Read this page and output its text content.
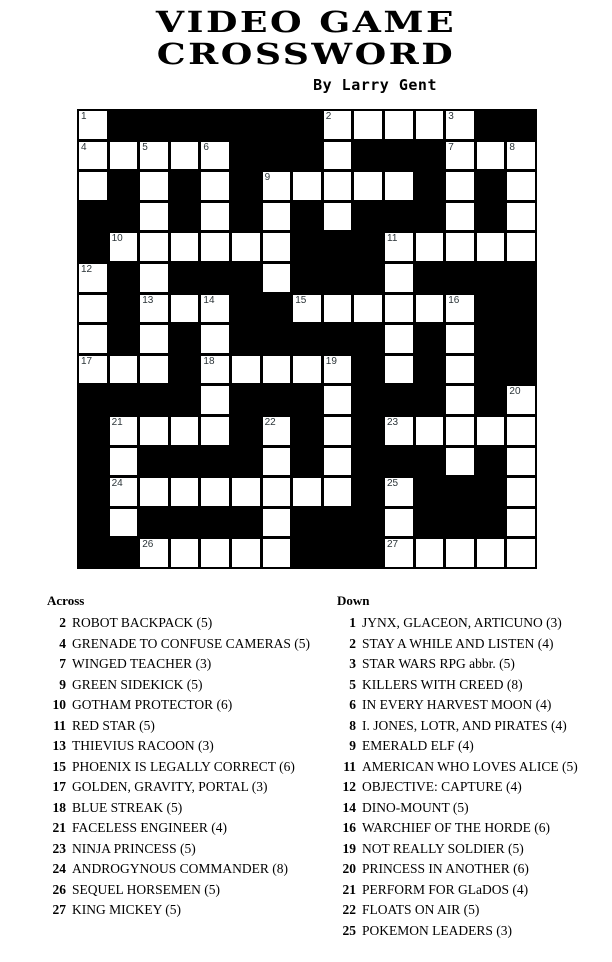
VIDEO GAME
CROSSWORD
By Larry Gent
1	2	3
4	5	6	7	8
9
10	11
12
13	14	15	16
17	18	19
20
21	22	23
24	25
26	27
Across
2 ROBOT BACKPACK (5)
4 GRENADE TO CONFUSE CAMERAS (5)
7 WINGED TEACHER (3)
9 GREEN SIDEKICK (5)
10 GOTHAM PROTECTOR (6)
11 RED STAR (5)
13 THIEVIUS RACOON (3)
15 PHOENIX IS LEGALLY CORRECT (6)
17 GOLDEN, GRAVITY, PORTAL (3)
18 BLUE STREAK (5)
21 FACELESS ENGINEER (4)
23 NINJA PRINCESS (5)
24 ANDROGYNOUS COMMANDER (8)
26 SEQUEL HORSEMEN (5)
27 KING MICKEY (5)
Down
1 JYNX, GLACEON, ARTICUNO (3)
2 STAY A WHILE AND LISTEN (4)
3 STAR WARS RPG abbr. (5)
5 KILLERS WITH CREED (8)
6 IN EVERY HARVEST MOON (4)
8 I. JONES, LOTR, AND PIRATES (4)
9 EMERALD ELF (4)
11 AMERICAN WHO LOVES ALICE (5)
12 OBJECTIVE: CAPTURE (4)
14 DINO-MOUNT (5)
16 WARCHIEF OF THE HORDE (6)
19 NOT REALLY SOLDIER (5)
20 PRINCESS IN ANOTHER (6)
21 PERFORM FOR GLaDOS (4)
22 FLOATS ON AIR (5)
25 POKEMON LEADERS (3)
